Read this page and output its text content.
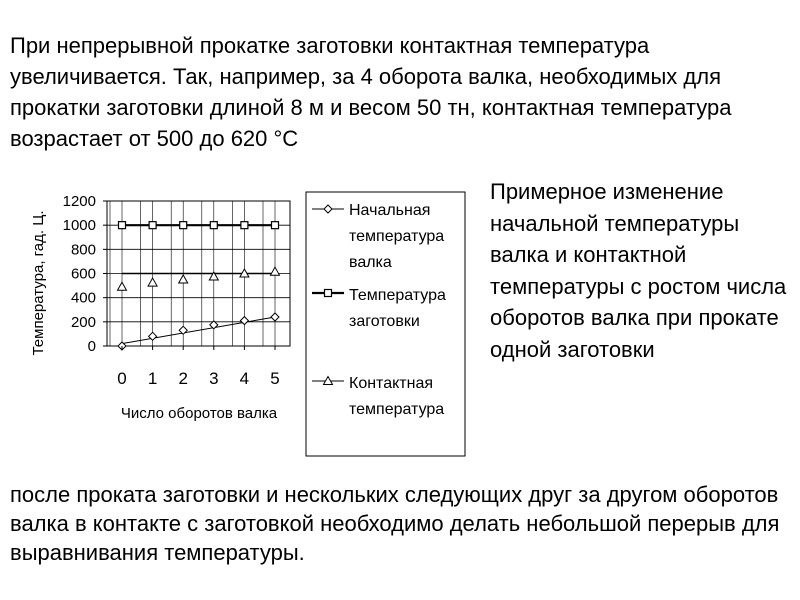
При непрерывной прокатке заготовки контактная температура увеличивается. Так, например, за 4 оборота валка, необходимых для прокатки заготовки длиной 8 м и весом 50 тн, контактная температура возрастает от 500 до 620 °С

0
200
400
600
800
1000
1200
0 1 2 3 4 5
Число оборотов валка
Температура, гад. Ц.	Начальная температура валка
Температура заготовки
Контактная температура

Примерное изменение начальной температуры валка и контактной температуры с ростом числа оборотов валка при прокате одной заготовки

после проката заготовки и нескольких следующих друг за другом оборотов валка в контакте с заготовкой необходимо делать небольшой перерыв для выравнивания температуры.
